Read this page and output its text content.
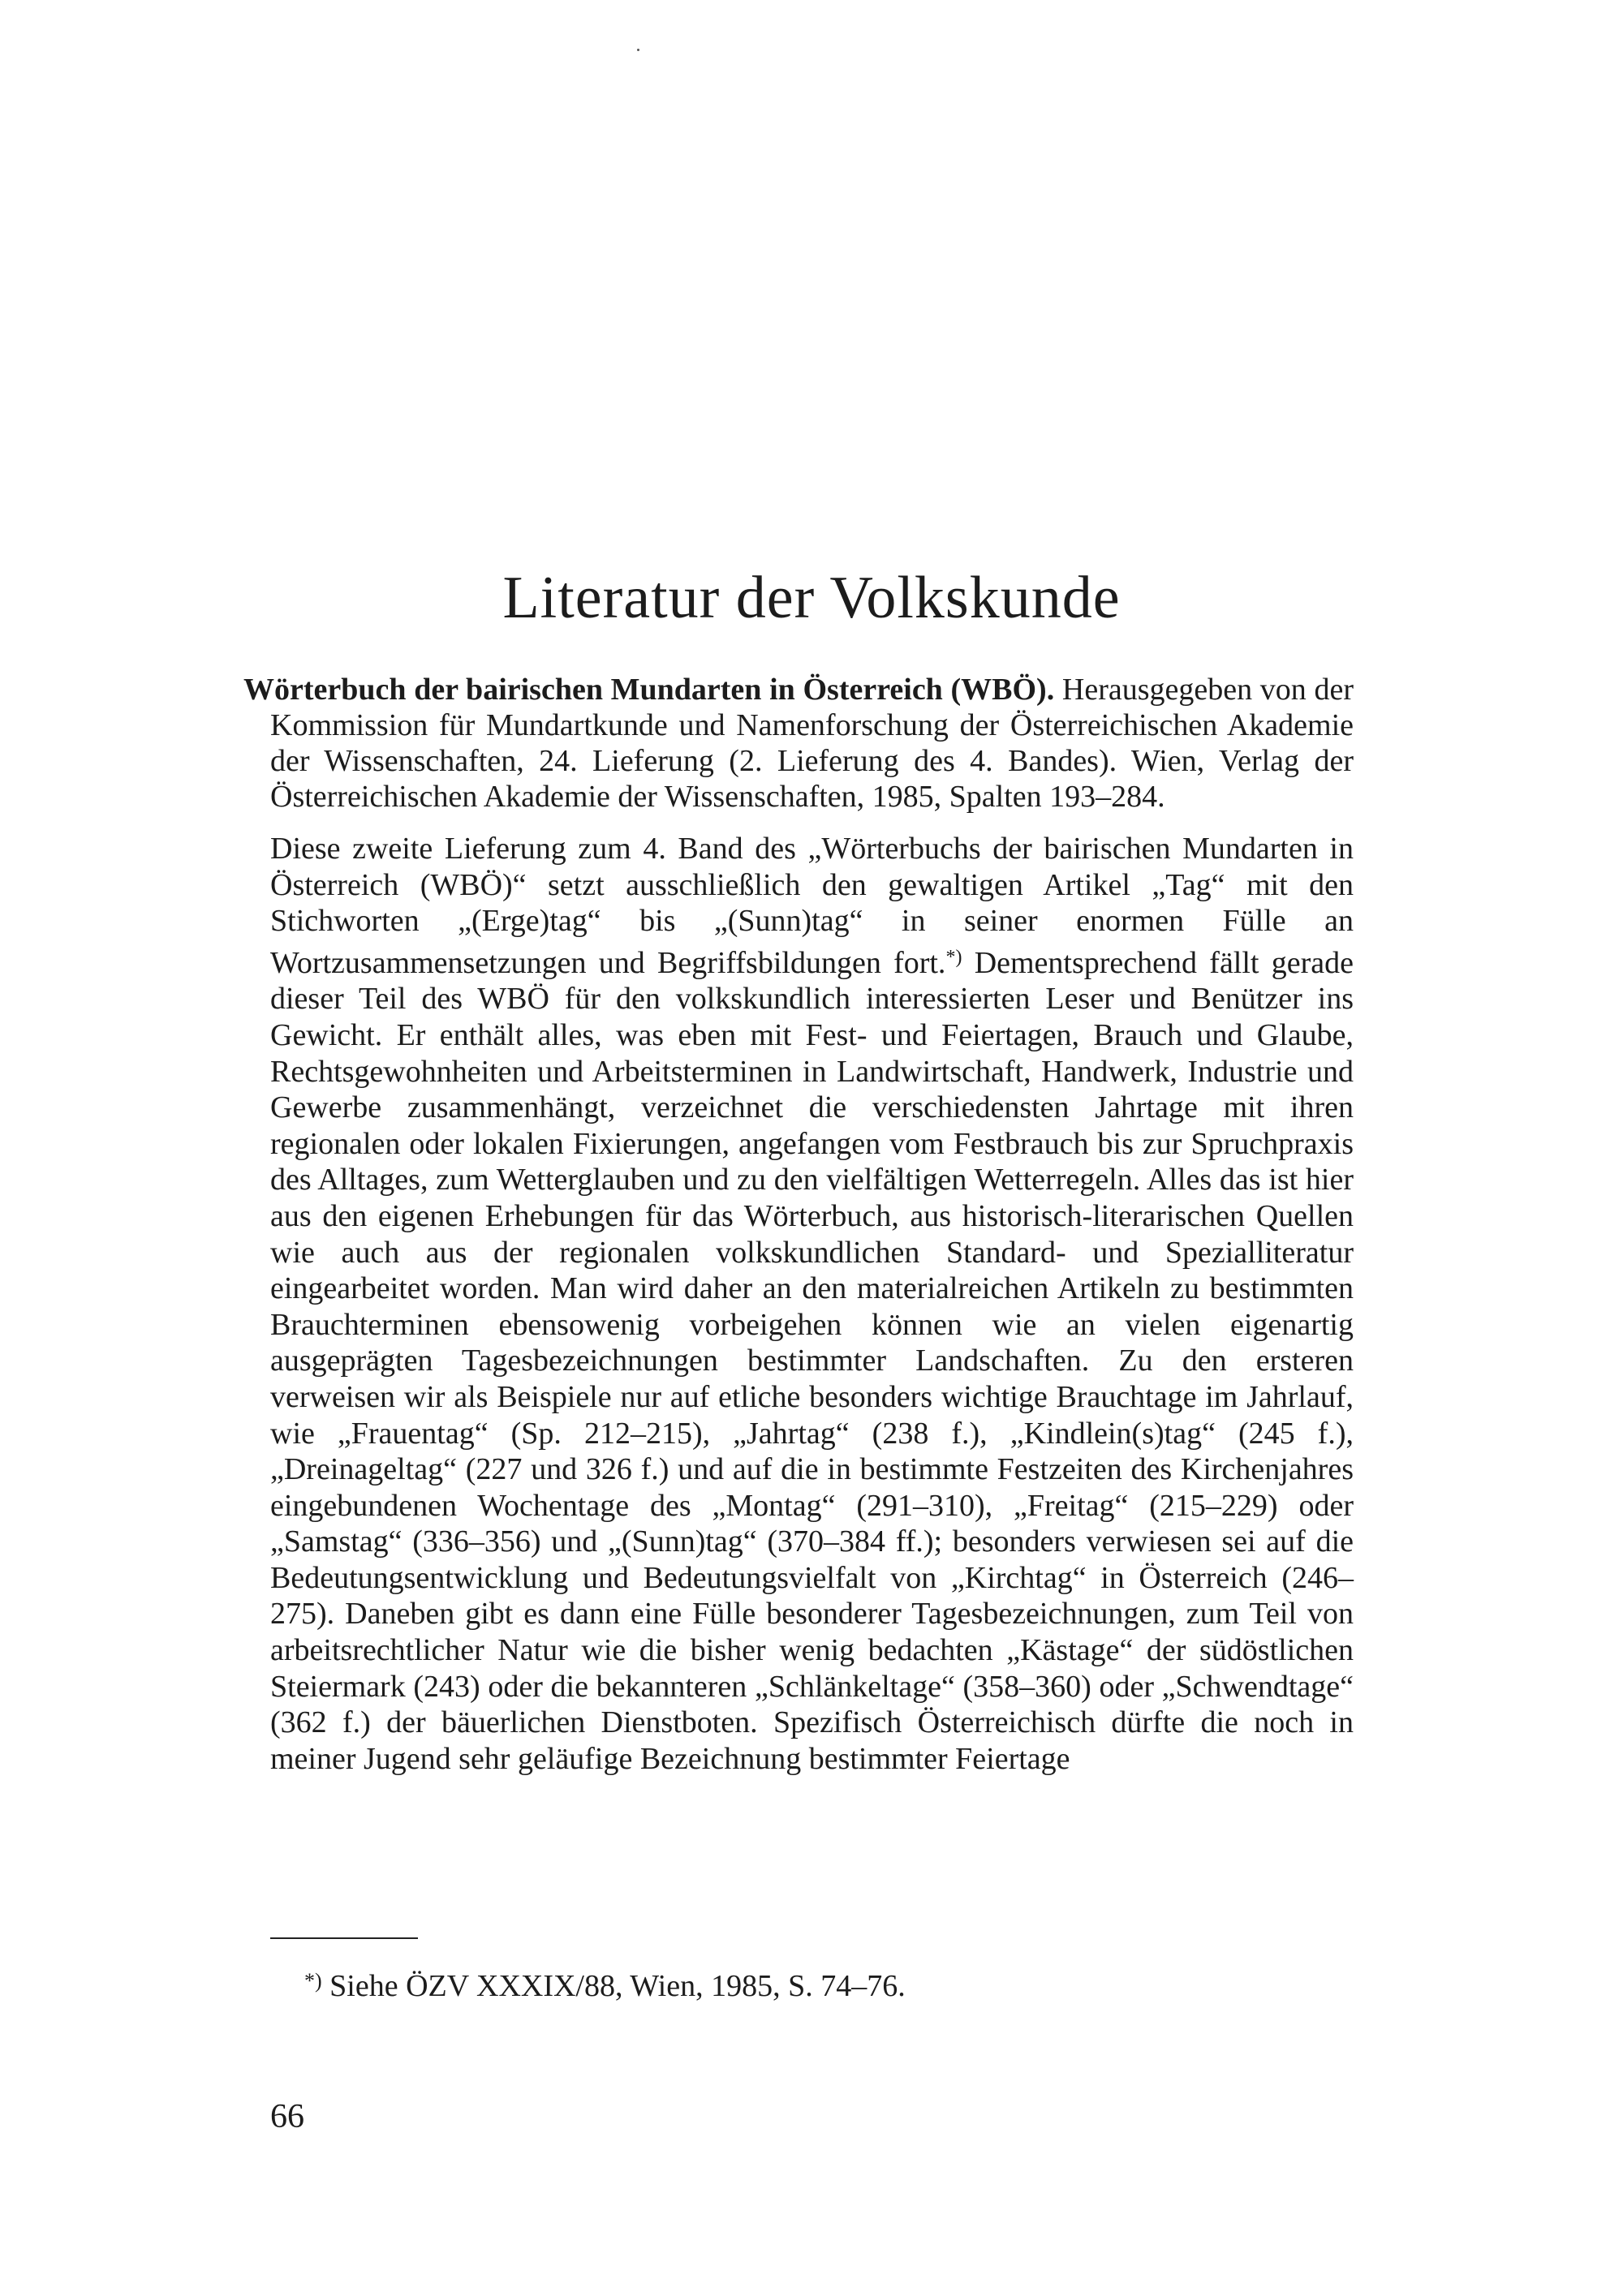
Literatur der Volkskunde

Wörterbuch der bairischen Mundarten in Österreich (WBÖ). Herausgegeben von der Kommission für Mundartkunde und Namenforschung der Österreichischen Akademie der Wissenschaften, 24. Lieferung (2. Lieferung des 4. Bandes). Wien, Verlag der Österreichischen Akademie der Wissenschaften, 1985, Spalten 193–284.

Diese zweite Lieferung zum 4. Band des „Wörterbuchs der bairischen Mundarten in Österreich (WBÖ)“ setzt ausschließlich den gewaltigen Artikel „Tag“ mit den Stichworten „(Erge)tag“ bis „(Sunn)tag“ in seiner enormen Fülle an Wortzusammensetzungen und Begriffsbildungen fort.*) Dementsprechend fällt gerade dieser Teil des WBÖ für den volkskundlich interessierten Leser und Benützer ins Gewicht. Er enthält alles, was eben mit Fest- und Feiertagen, Brauch und Glaube, Rechtsgewohnheiten und Arbeitsterminen in Landwirtschaft, Handwerk, Industrie und Gewerbe zusammenhängt, verzeichnet die verschiedensten Jahrtage mit ihren regionalen oder lokalen Fixierungen, angefangen vom Festbrauch bis zur Spruchpraxis des Alltages, zum Wetterglauben und zu den vielfältigen Wetterregeln. Alles das ist hier aus den eigenen Erhebungen für das Wörterbuch, aus historisch-literarischen Quellen wie auch aus der regionalen volkskundlichen Standard- und Spezialliteratur eingearbeitet worden. Man wird daher an den materialreichen Artikeln zu bestimmten Brauchterminen ebensowenig vorbeigehen können wie an vielen eigenartig ausgeprägten Tagesbezeichnungen bestimmter Landschaften. Zu den ersteren verweisen wir als Beispiele nur auf etliche besonders wichtige Brauchtage im Jahrlauf, wie „Frauentag“ (Sp. 212–215), „Jahrtag“ (238 f.), „Kindlein(s)tag“ (245 f.), „Dreinageltag“ (227 und 326 f.) und auf die in bestimmte Festzeiten des Kirchenjahres eingebundenen Wochentage des „Montag“ (291–310), „Freitag“ (215–229) oder „Samstag“ (336–356) und „(Sunn)tag“ (370–384 ff.); besonders verwiesen sei auf die Bedeutungsentwicklung und Bedeutungsvielfalt von „Kirchtag“ in Österreich (246–275). Daneben gibt es dann eine Fülle besonderer Tagesbezeichnungen, zum Teil von arbeitsrechtlicher Natur wie die bisher wenig bedachten „Kästage“ der südöstlichen Steiermark (243) oder die bekannteren „Schlänkeltage“ (358–360) oder „Schwendtage“ (362 f.) der bäuerlichen Dienstboten. Spezifisch Österreichisch dürfte die noch in meiner Jugend sehr geläufige Bezeichnung bestimmter Feiertage

*) Siehe ÖZV XXXIX/88, Wien, 1985, S. 74–76.
66
